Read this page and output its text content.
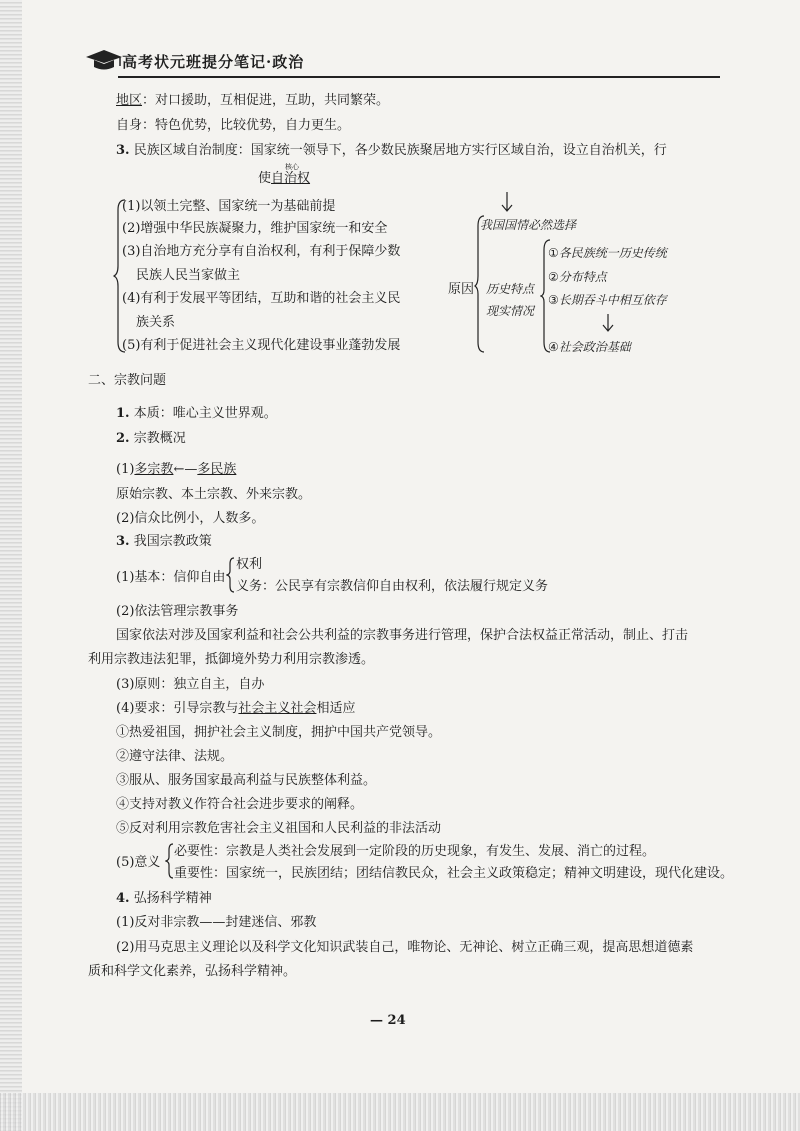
高考状元班提分笔记·政治
地区：对口援助，互相促进，互助，共同繁荣。
自身：特色优势，比较优势，自力更生。
3. 民族区域自治制度：国家统一领导下，各少数民族聚居地方实行区域自治，设立自治机关，行
核心
使自治权
(1)以领土完整、国家统一为基础前提
(2)增强中华民族凝聚力，维护国家统一和安全
(3)自治地方充分享有自治权利，有利于保障少数
民族人民当家做主
(4)有利于发展平等团结，互助和谐的社会主义民
族关系
(5)有利于促进社会主义现代化建设事业蓬勃发展
我国国情必然选择
原因 历史特点
现实情况
①各民族统一历史传统
②分布特点
③长期吞斗中相互依存
④社会政治基础
二、宗教问题
1. 本质：唯心主义世界观。
2. 宗教概况
(1)多宗教←—多民族
原始宗教、本土宗教、外来宗教。
(2)信众比例小，人数多。
3. 我国宗教政策
(1)基本：信仰自由
权利
义务：公民享有宗教信仰自由权利，依法履行规定义务
(2)依法管理宗教事务
国家依法对涉及国家利益和社会公共利益的宗教事务进行管理，保护合法权益正常活动，制止、打击
利用宗教违法犯罪，抵御境外势力利用宗教渗透。
(3)原则：独立自主，自办
(4)要求：引导宗教与社会主义社会相适应
①热爱祖国，拥护社会主义制度，拥护中国共产党领导。
②遵守法律、法规。
③服从、服务国家最高利益与民族整体利益。
④支持对教义作符合社会进步要求的阐释。
⑤反对利用宗教危害社会主义祖国和人民利益的非法活动
(5)意义
必要性：宗教是人类社会发展到一定阶段的历史现象，有发生、发展、消亡的过程。
重要性：国家统一，民族团结；团结信教民众，社会主义政策稳定；精神文明建设，现代化建设。
4. 弘扬科学精神
(1)反对非宗教——封建迷信、邪教
(2)用马克思主义理论以及科学文化知识武装自己，唯物论、无神论、树立正确三观，提高思想道德素
质和科学文化素养，弘扬科学精神。
— 24
